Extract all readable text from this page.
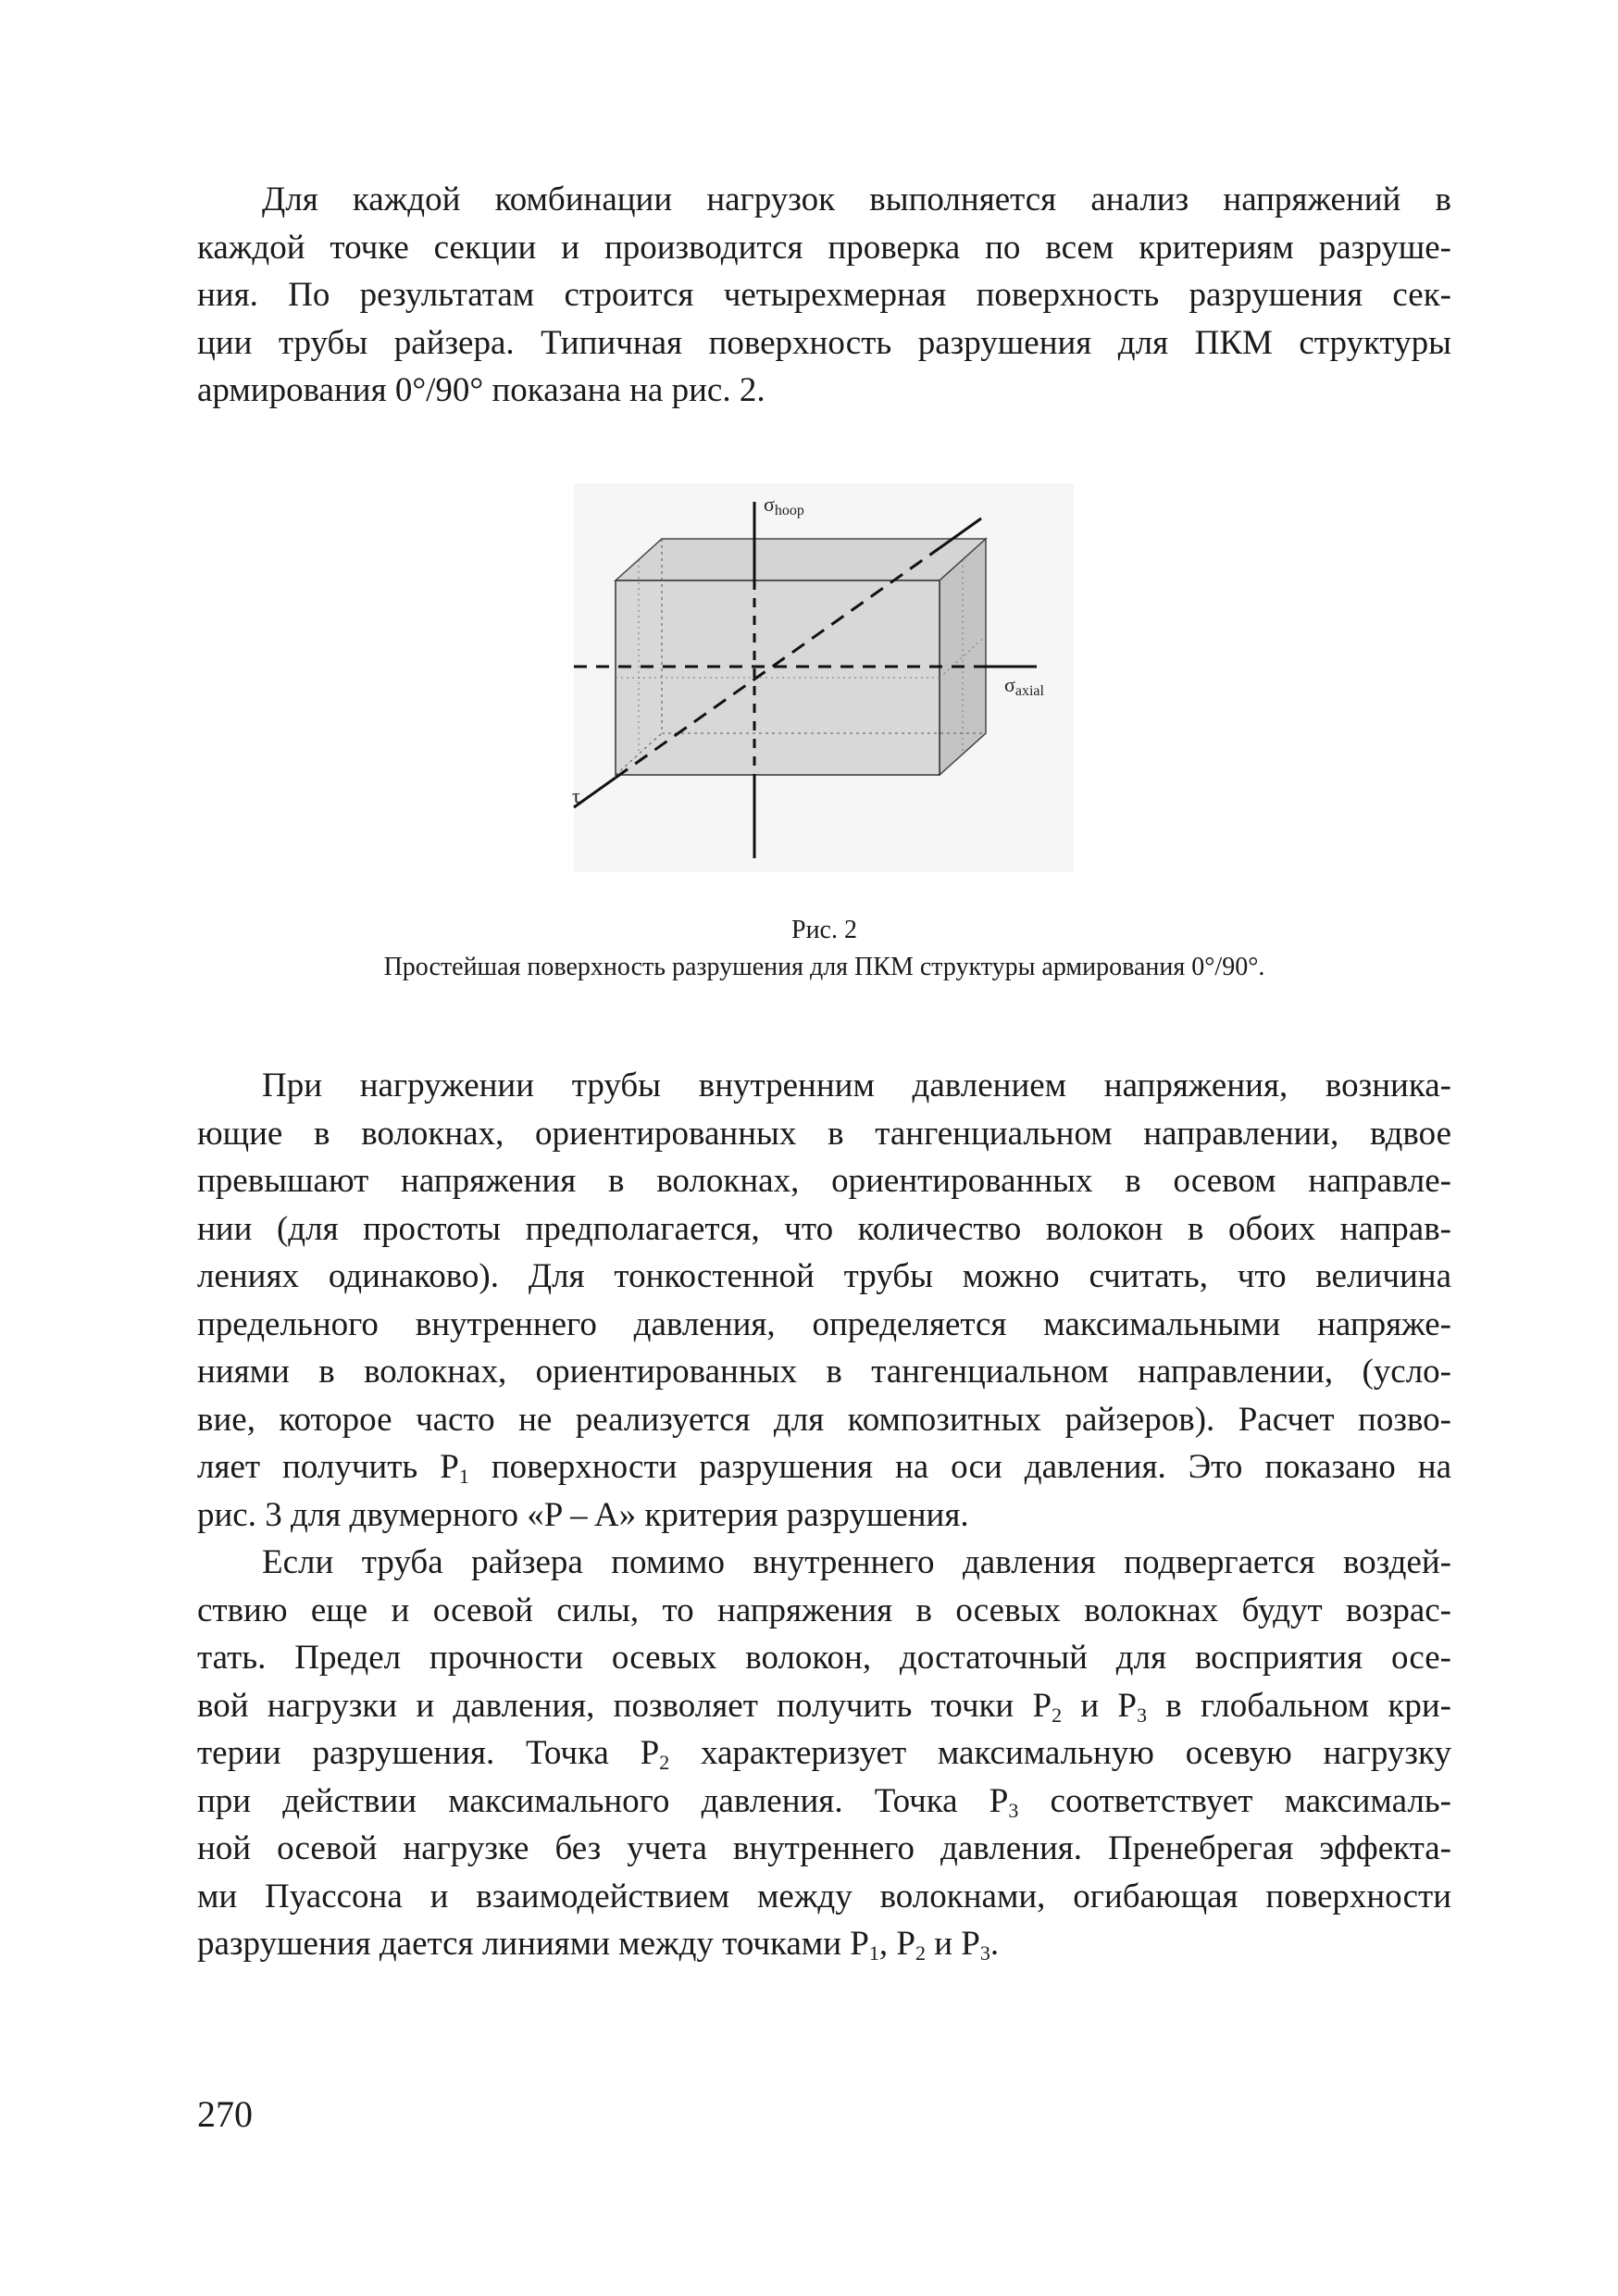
Для каждой комбинации нагрузок выполняется анализ напряжений в
каждой точке секции и производится проверка по всем критериям разруше-
ния. По результатам строится четырехмерная поверхность разрушения сек-
ции трубы райзера. Типичная поверхность разрушения для ПКМ структуры
армирования 0°/90° показана на рис. 2.
σhoop
σaxial
τ
Рис. 2
Простейшая поверхность разрушения для ПКМ структуры армирования 0°/90°.
При нагружении трубы внутренним давлением напряжения, возника-
ющие в волокнах, ориентированных в тангенциальном направлении, вдвое
превышают напряжения в волокнах, ориентированных в осевом направле-
нии (для простоты предполагается, что количество волокон в обоих направ-
лениях одинаково). Для тонкостенной трубы можно считать, что величина
предельного внутреннего давления, определяется максимальными напряже-
ниями в волокнах, ориентированных в тангенциальном направлении, (усло-
вие, которое часто не реализуется для композитных райзеров). Расчет позво-
ляет получить $P_1$ поверхности разрушения на оси давления. Это показано на
рис. 3 для двумерного «P – A» критерия разрушения.
Если труба райзера помимо внутреннего давления подвергается воздей-
ствию еще и осевой силы, то напряжения в осевых волокнах будут возрас-
тать. Предел прочности осевых волокон, достаточный для восприятия осе-
вой нагрузки и давления, позволяет получить точки $P_2$ и $P_3$ в глобальном кри-
терии разрушения. Точка $P_2$ характеризует максимальную осевую нагрузку
при действии максимального давления. Точка $P_3$ соответствует максималь-
ной осевой нагрузке без учета внутреннего давления. Пренебрегая эффекта-
ми Пуассона и взаимодействием между волокнами, огибающая поверхности
разрушения дается линиями между точками $P_1$, $P_2$ и $P_3$.
270
